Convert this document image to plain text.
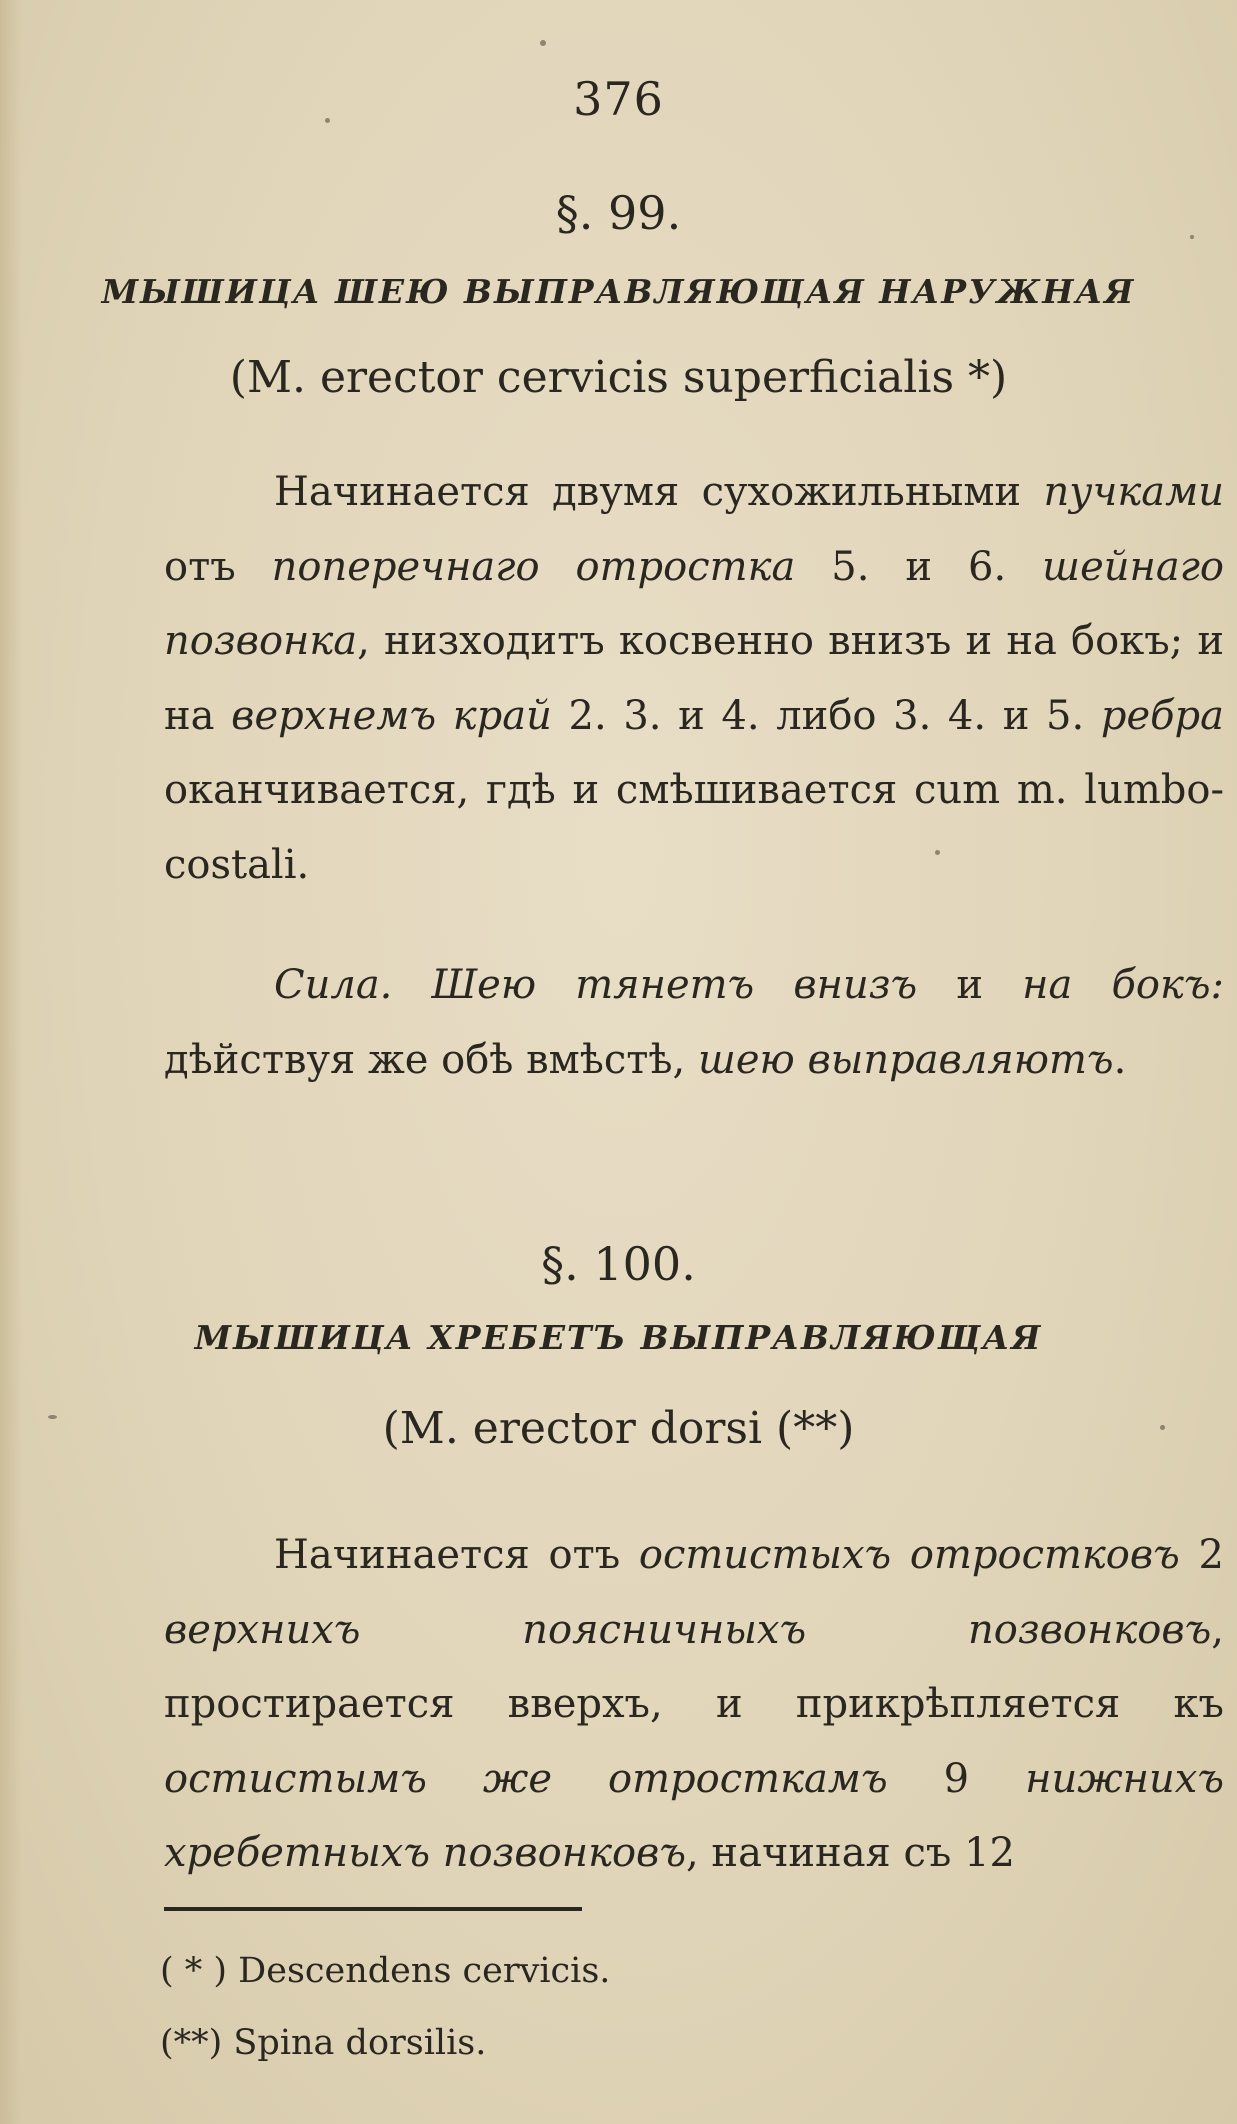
376
§. 99.
МЫШИЦА ШЕЮ ВЫПРАВЛЯЮЩАЯ НАРУЖНАЯ
(M. erector cervicis superficialis *)
Начинается двумя сухожильными пучками отъ поперечнаго отростка 5. и 6. шейнаго позвонка, низходитъ косвенно внизъ и на бокъ; и на верхнемъ край 2. 3. и 4. либо 3. 4. и 5. ребра оканчивается, гдѣ и смѣшивается cum m. lumbo-costali.
Сила. Шею тянетъ внизъ и на бокъ: дѣйствуя же обѣ вмѣстѣ, шею выправляютъ.
§. 100.
МЫШИЦА ХРЕБЕТЪ ВЫПРАВЛЯЮЩАЯ
(M. erector dorsi (**)
Начинается отъ остистыхъ отростковъ 2 верхнихъ поясничныхъ позвонковъ, простирается вверхъ, и прикрѣпляется къ остистымъ же отросткамъ 9 нижнихъ хребетныхъ позвонковъ, начиная съ 12
( * ) Descendens cervicis.
(**) Spina dorsilis.
